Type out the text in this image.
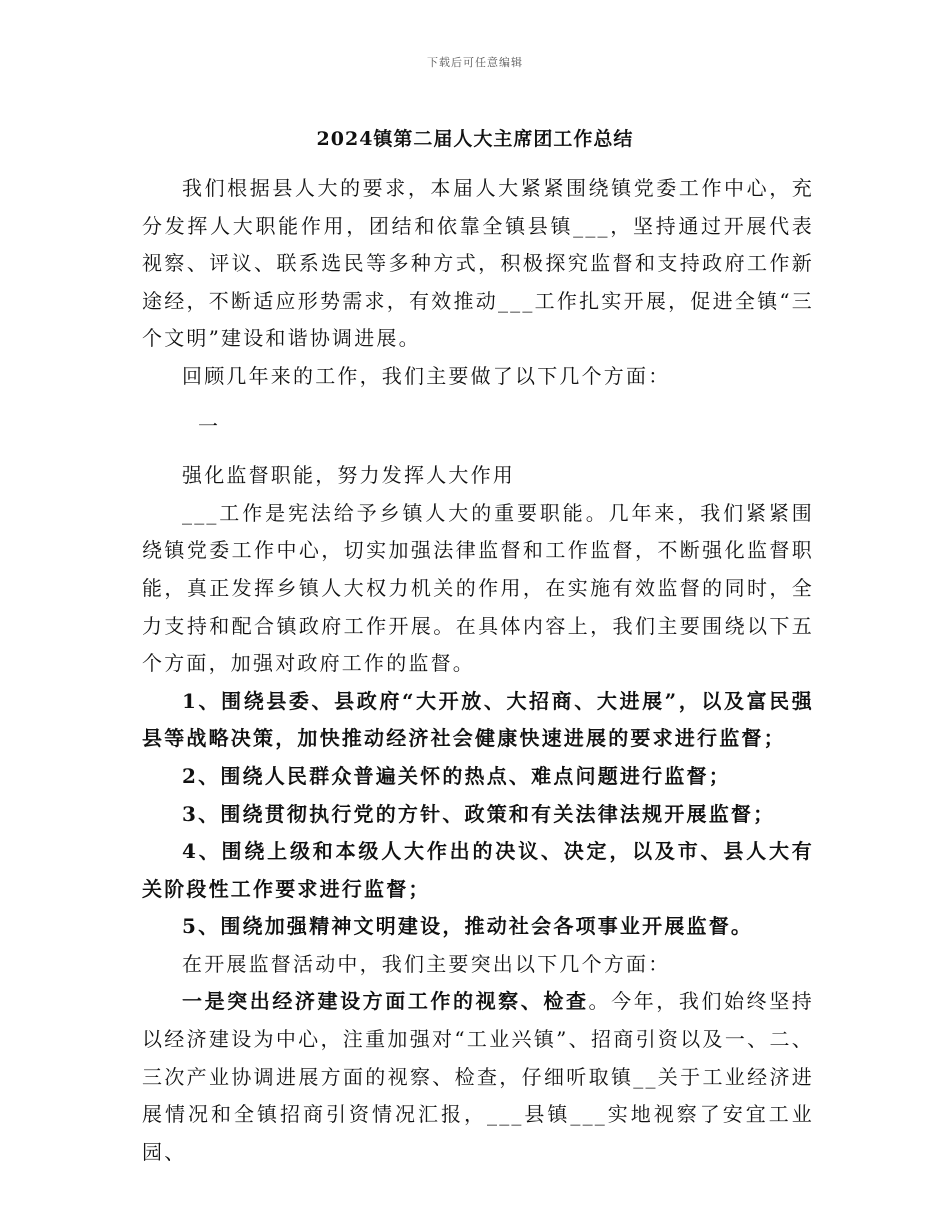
下载后可任意编辑
2024镇第二届人大主席团工作总结

我们根据县人大的要求，本届人大紧紧围绕镇党委工作中心，充分发挥人大职能作用，团结和依靠全镇县镇___，坚持通过开展代表视察、评议、联系选民等多种方式，积极探究监督和支持政府工作新途经，不断适应形势需求，有效推动___工作扎实开展，促进全镇“三个文明”建设和谐协调进展。

回顾几年来的工作，我们主要做了以下几个方面：

一

强化监督职能，努力发挥人大作用

___工作是宪法给予乡镇人大的重要职能。几年来，我们紧紧围绕镇党委工作中心，切实加强法律监督和工作监督，不断强化监督职能，真正发挥乡镇人大权力机关的作用，在实施有效监督的同时，全力支持和配合镇政府工作开展。在具体内容上，我们主要围绕以下五个方面，加强对政府工作的监督。

1、围绕县委、县政府“大开放、大招商、大进展”，以及富民强县等战略决策，加快推动经济社会健康快速进展的要求进行监督；

2、围绕人民群众普遍关怀的热点、难点问题进行监督；

3、围绕贯彻执行党的方针、政策和有关法律法规开展监督；

4、围绕上级和本级人大作出的决议、决定，以及市、县人大有关阶段性工作要求进行监督；

5、围绕加强精神文明建设，推动社会各项事业开展监督。

在开展监督活动中，我们主要突出以下几个方面：

一是突出经济建设方面工作的视察、检查。今年，我们始终坚持以经济建设为中心，注重加强对“工业兴镇”、招商引资以及一、二、三次产业协调进展方面的视察、检查，仔细听取镇__关于工业经济进展情况和全镇招商引资情况汇报，___县镇___实地视察了安宜工业园、
